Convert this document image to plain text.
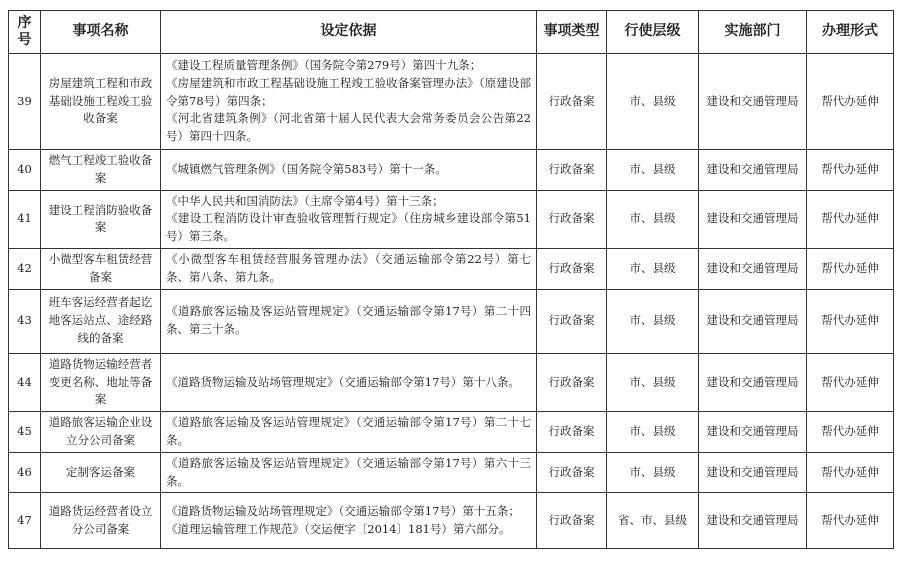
序号	事项名称	设定依据	事项类型	行使层级	实施部门	办理形式
39	房屋建筑工程和市政基础设施工程竣工验收备案	《建设工程质量管理条例》（国务院令第279号）第四十九条；
《房屋建筑和市政工程基础设施工程竣工验收备案管理办法》（原建设部令第78号）第四条；
《河北省建筑条例》（河北省第十届人民代表大会常务委员会公告第22号）第四十四条。	行政备案	市、县级	建设和交通管理局	帮代办延伸
40	燃气工程竣工验收备案	《城镇燃气管理条例》（国务院令第583号）第十一条。	行政备案	市、县级	建设和交通管理局	帮代办延伸
41	建设工程消防验收备案	《中华人民共和国消防法》（主席令第4号）第十三条；
《建设工程消防设计审查验收管理暂行规定》（住房城乡建设部令第51号）第三条。	行政备案	市、县级	建设和交通管理局	帮代办延伸
42	小微型客车租赁经营备案	《小微型客车租赁经营服务管理办法》（交通运输部令第22号）第七条、第八条、第九条。	行政备案	市、县级	建设和交通管理局	帮代办延伸
43	班车客运经营者起讫地客运站点、途经路线的备案	《道路旅客运输及客运站管理规定》（交通运输部令第17号）第二十四条、第三十条。	行政备案	市、县级	建设和交通管理局	帮代办延伸
44	道路货物运输经营者变更名称、地址等备案	《道路货物运输及站场管理规定》（交通运输部令第17号）第十八条。	行政备案	市、县级	建设和交通管理局	帮代办延伸
45	道路旅客运输企业设立分公司备案	《道路旅客运输及客运站管理规定》（交通运输部令第17号）第二十七条。	行政备案	市、县级	建设和交通管理局	帮代办延伸
46	定制客运备案	《道路旅客运输及客运站管理规定》（交通运输部令第17号）第六十三条。	行政备案	市、县级	建设和交通管理局	帮代办延伸
47	道路货运经营者设立分公司备案	《道路货物运输及站场管理规定》（交通运输部令第17号）第十五条；
《道理运输管理工作规范》（交运便字〔2014〕181号）第六部分。	行政备案	省、市、县级	建设和交通管理局	帮代办延伸
